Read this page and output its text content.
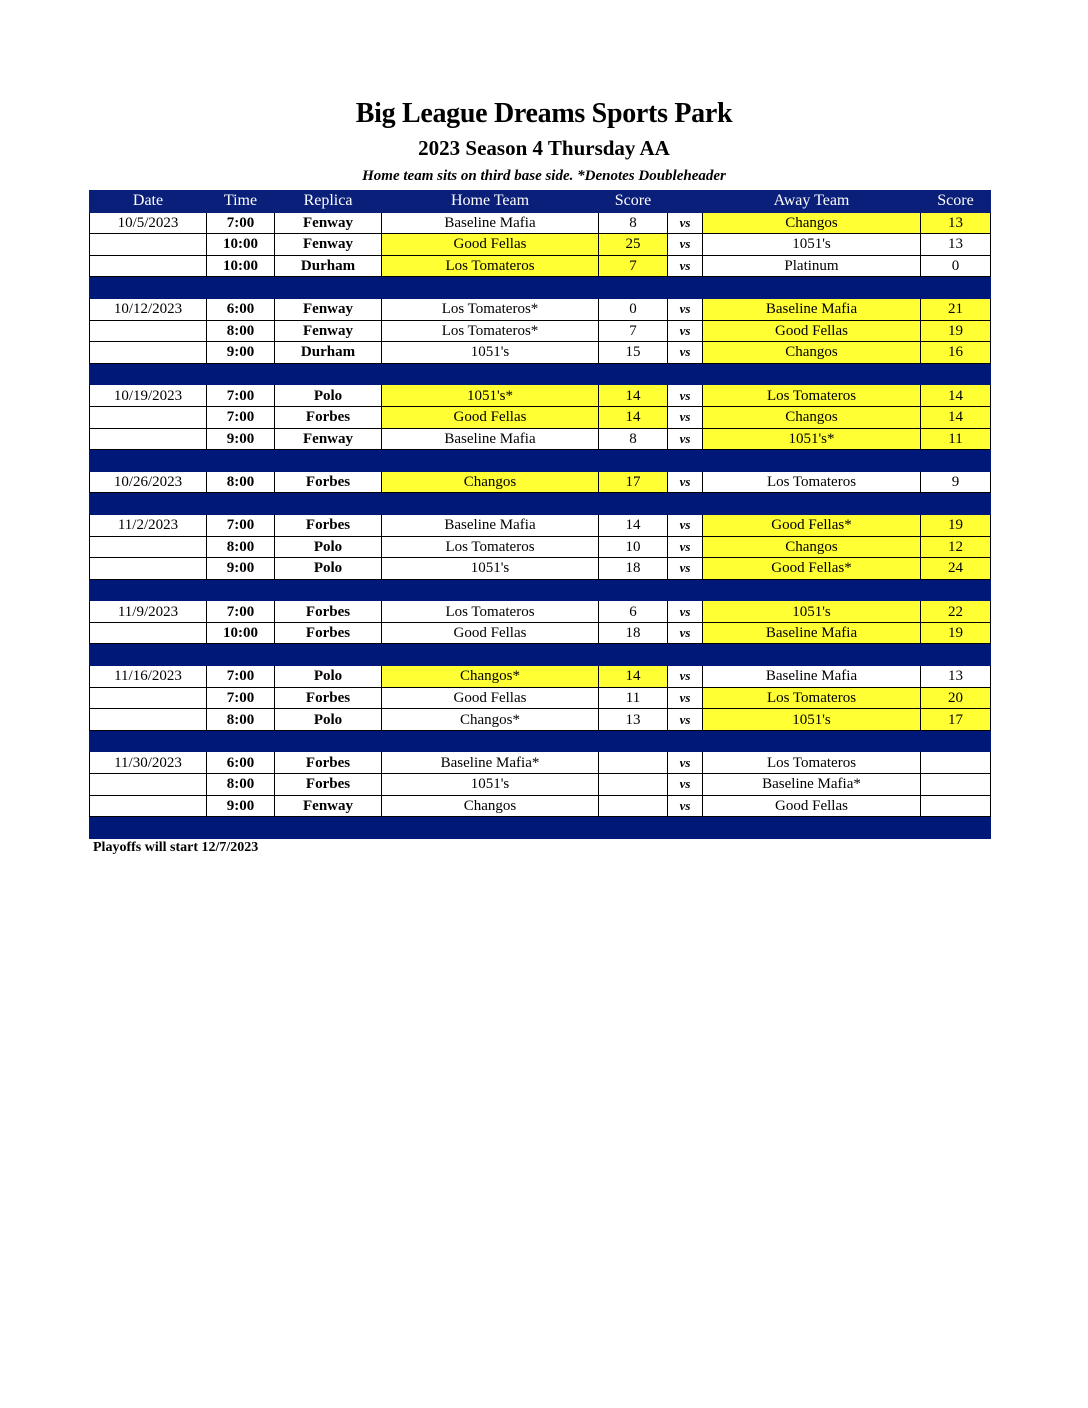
Big League Dreams Sports Park
2023 Season 4 Thursday AA
Home team sits on third base side. *Denotes Doubleheader
Date	Time	Replica	Home Team	Score		Away Team	Score
10/5/2023	7:00	Fenway	Baseline Mafia	8	vs	Changos	13
	10:00	Fenway	Good Fellas	25	vs	1051's	13
	10:00	Durham	Los Tomateros	7	vs	Platinum	0

10/12/2023	6:00	Fenway	Los Tomateros*	0	vs	Baseline Mafia	21
	8:00	Fenway	Los Tomateros*	7	vs	Good Fellas	19
	9:00	Durham	1051's	15	vs	Changos	16

10/19/2023	7:00	Polo	1051's*	14	vs	Los Tomateros	14
	7:00	Forbes	Good Fellas	14	vs	Changos	14
	9:00	Fenway	Baseline Mafia	8	vs	1051's*	11

10/26/2023	8:00	Forbes	Changos	17	vs	Los Tomateros	9

11/2/2023	7:00	Forbes	Baseline Mafia	14	vs	Good Fellas*	19
	8:00	Polo	Los Tomateros	10	vs	Changos	12
	9:00	Polo	1051's	18	vs	Good Fellas*	24

11/9/2023	7:00	Forbes	Los Tomateros	6	vs	1051's	22
	10:00	Forbes	Good Fellas	18	vs	Baseline Mafia	19

11/16/2023	7:00	Polo	Changos*	14	vs	Baseline Mafia	13
	7:00	Forbes	Good Fellas	11	vs	Los Tomateros	20
	8:00	Polo	Changos*	13	vs	1051's	17

11/30/2023	6:00	Forbes	Baseline Mafia*		vs	Los Tomateros	
	8:00	Forbes	1051's		vs	Baseline Mafia*	
	9:00	Fenway	Changos		vs	Good Fellas	

Playoffs will start 12/7/2023
